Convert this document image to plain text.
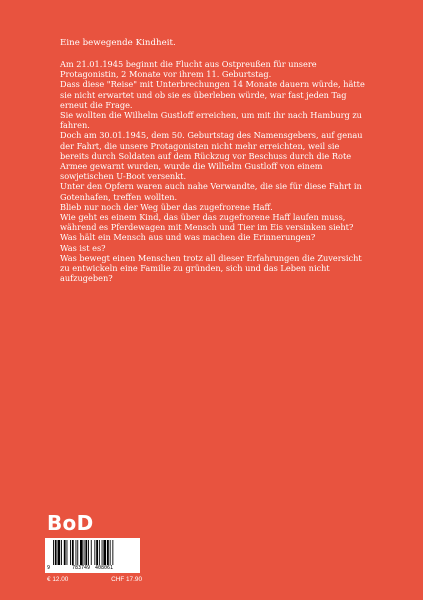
Eine bewegende Kindheit.

Am 21.01.1945 beginnt die Flucht aus Ostpreußen für unsere Protagonistin, 2 Monate vor ihrem 11. Geburtstag.

Dass diese "Reise" mit Unterbrechungen 14 Monate dauern würde, hätte sie nicht erwartet und ob sie es überleben würde, war fast jeden Tag erneut die Frage.

Sie wollten die Wilhelm Gustloff erreichen, um mit ihr nach Hamburg zu fahren.

Doch am 30.01.1945, dem 50. Geburtstag des Namensgebers, auf genau der Fahrt, die unsere Protagonisten nicht mehr erreichten, weil sie bereits durch Soldaten auf dem Rückzug vor Beschuss durch die Rote Armee gewarnt wurden, wurde die Wilhelm Gustloff von einem sowjetischen U-Boot versenkt.

Unter den Opfern waren auch nahe Verwandte, die sie für diese Fahrt in Gotenhafen, treffen wollten.

Blieb nur noch der Weg über das zugefrorene Haff.

Wie geht es einem Kind, das über das zugefrorene Haff laufen muss, während es Pferdewagen mit Mensch und Tier im Eis versinken sieht?

Was hält ein Mensch aus und was machen die Erinnerungen?

Was ist es?

Was bewegt einen Menschen trotz all dieser Erfahrungen die Zuversicht zu entwickeln eine Familie zu gründen, sich und das Leben nicht aufzugeben?

BoD
9	783749 408061
€ 12.00	CHF 17.90
